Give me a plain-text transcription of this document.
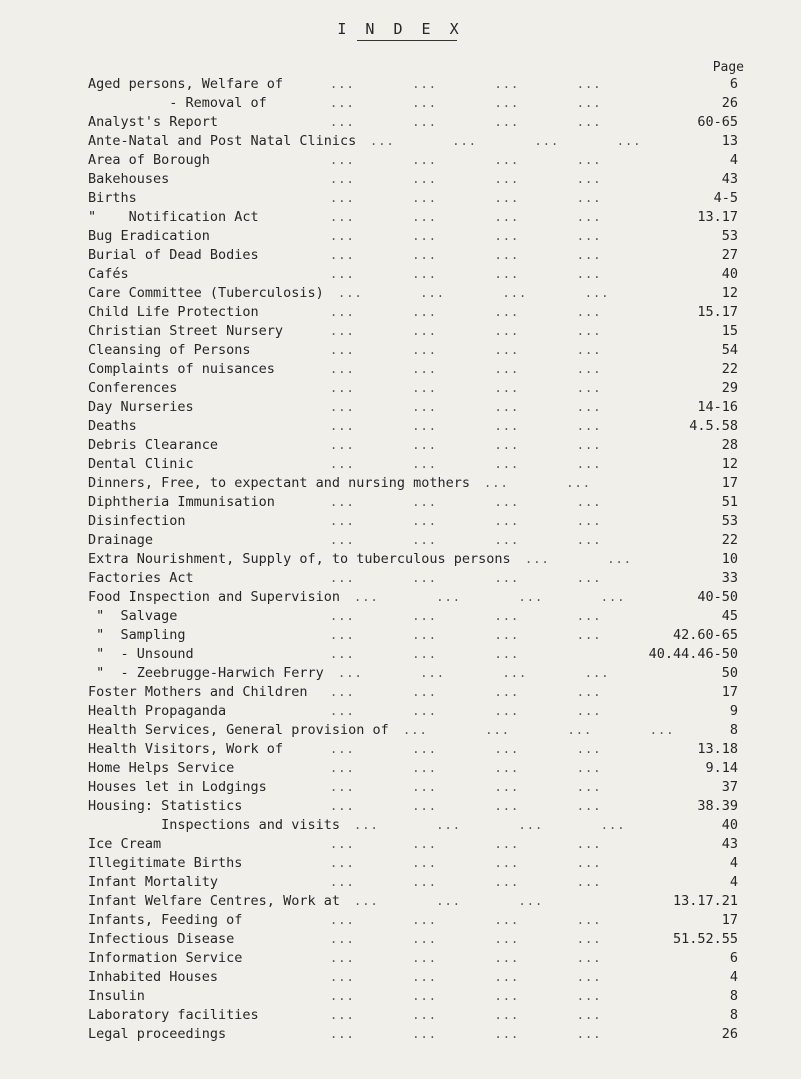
I N D E X
Page
...       ...       ...       ...
Aged persons, Welfare of	6
...       ...       ...       ...
- Removal of	26
...       ...       ...       ...
Analyst's Report	60-65
...       ...       ...       ...
Ante-Natal and Post Natal Clinics	13
...       ...       ...       ...
Area of Borough	4
...       ...       ...       ...
Bakehouses	43
...       ...       ...       ...
Births	4-5
...       ...       ...       ...
"    Notification Act	13.17
...       ...       ...       ...
Bug Eradication	53
...       ...       ...       ...
Burial of Dead Bodies	27
...       ...       ...       ...
Cafés	40
...       ...       ...       ...
Care Committee (Tuberculosis)	12
...       ...       ...       ...
Child Life Protection	15.17
...       ...       ...       ...
Christian Street Nursery	15
...       ...       ...       ...
Cleansing of Persons	54
...       ...       ...       ...
Complaints of nuisances	22
...       ...       ...       ...
Conferences	29
...       ...       ...       ...
Day Nurseries	14-16
...       ...       ...       ...
Deaths	4.5.58
...       ...       ...       ...
Debris Clearance	28
...       ...       ...       ...
Dental Clinic	12
...       ...
Dinners, Free, to expectant and nursing mothers	17
...       ...       ...       ...
Diphtheria Immunisation	51
...       ...       ...       ...
Disinfection	53
...       ...       ...       ...
Drainage	22
...       ...
Extra Nourishment, Supply of, to tuberculous persons	10
...       ...       ...       ...
Factories Act	33
...       ...       ...       ...
Food Inspection and Supervision	40-50
...       ...       ...       ...
"  Salvage	45
...       ...       ...       ...
"  Sampling	42.60-65
...       ...       ...
"  - Unsound	40.44.46-50
...       ...       ...       ...
"  - Zeebrugge-Harwich Ferry	50
...       ...       ...       ...
Foster Mothers and Children	17
...       ...       ...       ...
Health Propaganda	9
...       ...       ...       ...
Health Services, General provision of	8
...       ...       ...       ...
Health Visitors, Work of	13.18
...       ...       ...       ...
Home Helps Service	9.14
...       ...       ...       ...
Houses let in Lodgings	37
...       ...       ...       ...
Housing: Statistics	38.39
...       ...       ...       ...
Inspections and visits	40
...       ...       ...       ...
Ice Cream	43
...       ...       ...       ...
Illegitimate Births	4
...       ...       ...       ...
Infant Mortality	4
...       ...       ...
Infant Welfare Centres, Work at	13.17.21
...       ...       ...       ...
Infants, Feeding of	17
...       ...       ...       ...
Infectious Disease	51.52.55
...       ...       ...       ...
Information Service	6
...       ...       ...       ...
Inhabited Houses	4
...       ...       ...       ...
Insulin	8
...       ...       ...       ...
Laboratory facilities	8
...       ...       ...       ...
Legal proceedings	26
